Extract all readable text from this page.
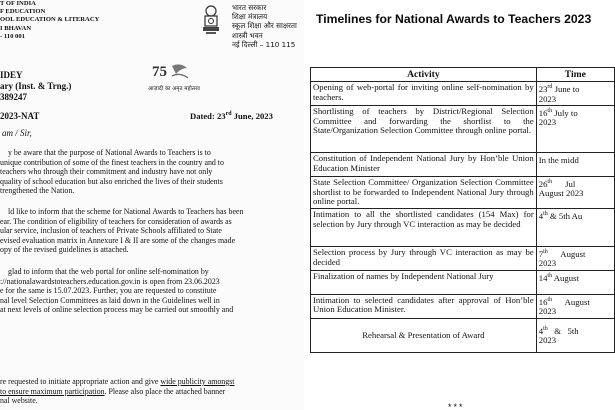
T OF INDIA
F EDUCATION
OOL EDUCATION & LITERACY
I BHAVAN
- 110 001
भारत सरकार
शिक्षा मंत्रालय
स्कूल शिक्षा और साक्षरता
शास्त्री भवन
नई दिल्ली – 110 115
75
आज़ादी का अमृत महोत्सव
IDEY
ary (Inst. & Trng.)
389247
2023-NAT	Dated: 23rd June, 2023
am / Sir,
y be aware that the purpose of National Awards to Teachers is to
unique contribution of some of the finest teachers in the country and to
teachers who through their commitment and industry have not only
quality of school education but also enriched the lives of their students
trengthened the Nation.
ld like to inform that the scheme for National Awards to Teachers has been
ear. The condition of eligibility of teachers for consideration of awards as
ular service, inclusion of teachers of Private Schools affiliated to State
evised evaluation matrix in Annexure I & II are some of the changes made
opy of the revised guidelines is attached.
glad to inform that the web portal for online self-nomination by
://nationalawardstoteachers.education.gov.in is open from 23.06.2023
e for the same is 15.07.2023. Further, you are requested to constitute
nal level Selection Committees as laid down in the Guidelines well in
at next levels of online selection process may be carried out smoothly and
re requested to initiate appropriate action and give wide publicity amongst
to ensure maximum participation. Please also place the attached banner
nal website.
Timelines for National Awards to Teachers 2023
Activity	Time
Opening of web-portal for inviting online self-nomination by teachers.	23rd June to
2023

Shortlisting of teachers by District/Regional Selection Committee and forwarding the shortlist to the State/Organization Selection Committee through online portal.	16th July to
2023

Constitution of Independent National Jury by Hon’ble Union Education Minister	In the midd

State Selection Committee/ Organization Selection Committee shortlist to be forwarded to Independent National Jury through online portal.	26th      Jul
August 2023

Intimation to all the shortlisted candidates (154 Max) for selection by Jury through VC interaction as may be decided	4th & 5th Au

Selection process by Jury through VC interaction as may be decided	7th      August
2023

Finalization of names by Independent National Jury	14th August

Intimation to selected candidates after approval of Hon’ble Union Education Minister.	16th      August
2023

Rehearsal & Presentation of Award	4th   &   5th
2023
***
